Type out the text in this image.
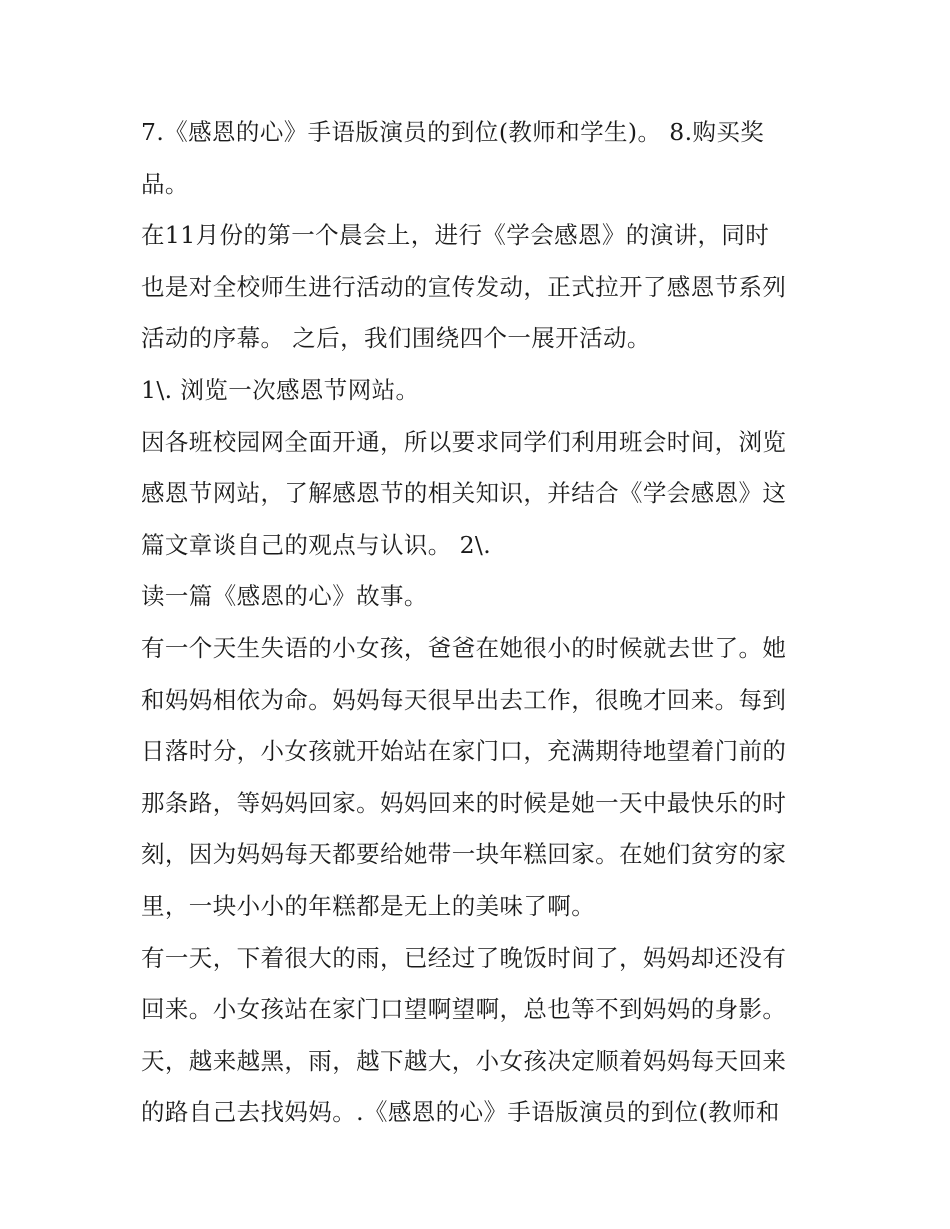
7.《感恩的心》手语版演员的到位(教师和学生)。 8.购买奖
品。
在11月份的第一个晨会上，进行《学会感恩》的演讲，同时
也是对全校师生进行活动的宣传发动，正式拉开了感恩节系列
活动的序幕。 之后，我们围绕四个一展开活动。
1\. 浏览一次感恩节网站。
因各班校园网全面开通，所以要求同学们利用班会时间，浏览
感恩节网站，了解感恩节的相关知识，并结合《学会感恩》这
篇文章谈自己的观点与认识。 2\.
读一篇《感恩的心》故事。
有一个天生失语的小女孩，爸爸在她很小的时候就去世了。她
和妈妈相依为命。妈妈每天很早出去工作，很晚才回来。每到
日落时分，小女孩就开始站在家门口，充满期待地望着门前的
那条路，等妈妈回家。妈妈回来的时候是她一天中最快乐的时
刻，因为妈妈每天都要给她带一块年糕回家。在她们贫穷的家
里，一块小小的年糕都是无上的美味了啊。
有一天，下着很大的雨，已经过了晚饭时间了，妈妈却还没有
回来。小女孩站在家门口望啊望啊，总也等不到妈妈的身影。
天，越来越黑，雨，越下越大，小女孩决定顺着妈妈每天回来
的路自己去找妈妈。.《感恩的心》手语版演员的到位(教师和
